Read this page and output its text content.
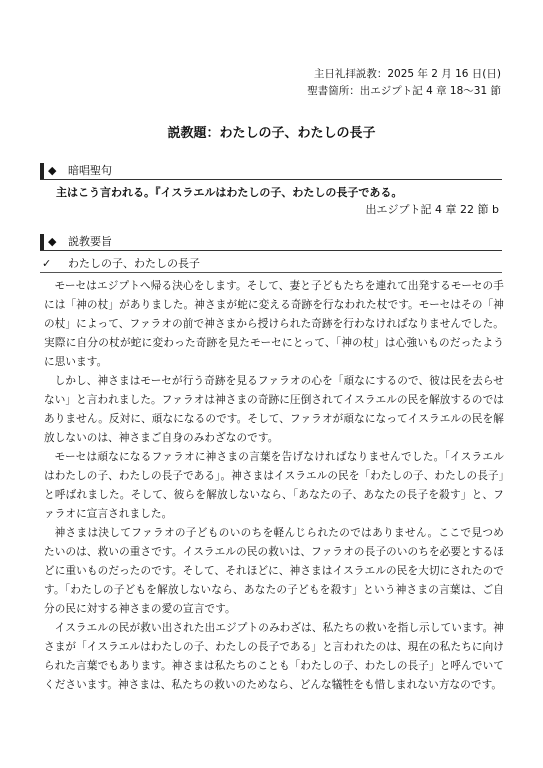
主日礼拝説教：2025 年 2 月 16 日(日)
聖書箇所：出エジプト記 4 章 18～31 節
説教題：わたしの子、わたしの長子
◆ 暗唱聖句
主はこう言われる。『イスラエルはわたしの子、わたしの長子である。
出エジプト記 4 章 22 節 b
◆ 説教要旨
✓ わたしの子、わたしの長子

モーセはエジプトへ帰る決心をします。そして、妻と子どもたちを連れて出発するモーセの手には「神の杖」がありました。神さまが蛇に変える奇跡を行なわれた杖です。モーセはその「神の杖」によって、ファラオの前で神さまから授けられた奇跡を行わなければなりませんでした。実際に自分の杖が蛇に変わった奇跡を見たモーセにとって、「神の杖」は心強いものだったように思います。

しかし、神さまはモーセが行う奇跡を見るファラオの心を「頑なにするので、彼は民を去らせない」と言われました。ファラオは神さまの奇跡に圧倒されてイスラエルの民を解放するのではありません。反対に、頑なになるのです。そして、ファラオが頑なになってイスラエルの民を解放しないのは、神さまご自身のみわざなのです。

モーセは頑なになるファラオに神さまの言葉を告げなければなりませんでした。「イスラエルはわたしの子、わたしの長子である」。神さまはイスラエルの民を「わたしの子、わたしの長子」と呼ばれました。そして、彼らを解放しないなら、「あなたの子、あなたの長子を殺す」と、ファラオに宣言されました。

神さまは決してファラオの子どものいのちを軽んじられたのではありません。ここで見つめたいのは、救いの重さです。イスラエルの民の救いは、ファラオの長子のいのちを必要とするほどに重いものだったのです。そして、それほどに、神さまはイスラエルの民を大切にされたのです。「わたしの子どもを解放しないなら、あなたの子どもを殺す」という神さまの言葉は、ご自分の民に対する神さまの愛の宣言です。

イスラエルの民が救い出された出エジプトのみわざは、私たちの救いを指し示しています。神さまが「イスラエルはわたしの子、わたしの長子である」と言われたのは、現在の私たちに向けられた言葉でもあります。神さまは私たちのことも「わたしの子、わたしの長子」と呼んでいてくださいます。神さまは、私たちの救いのためなら、どんな犠牲をも惜しまれない方なのです。
